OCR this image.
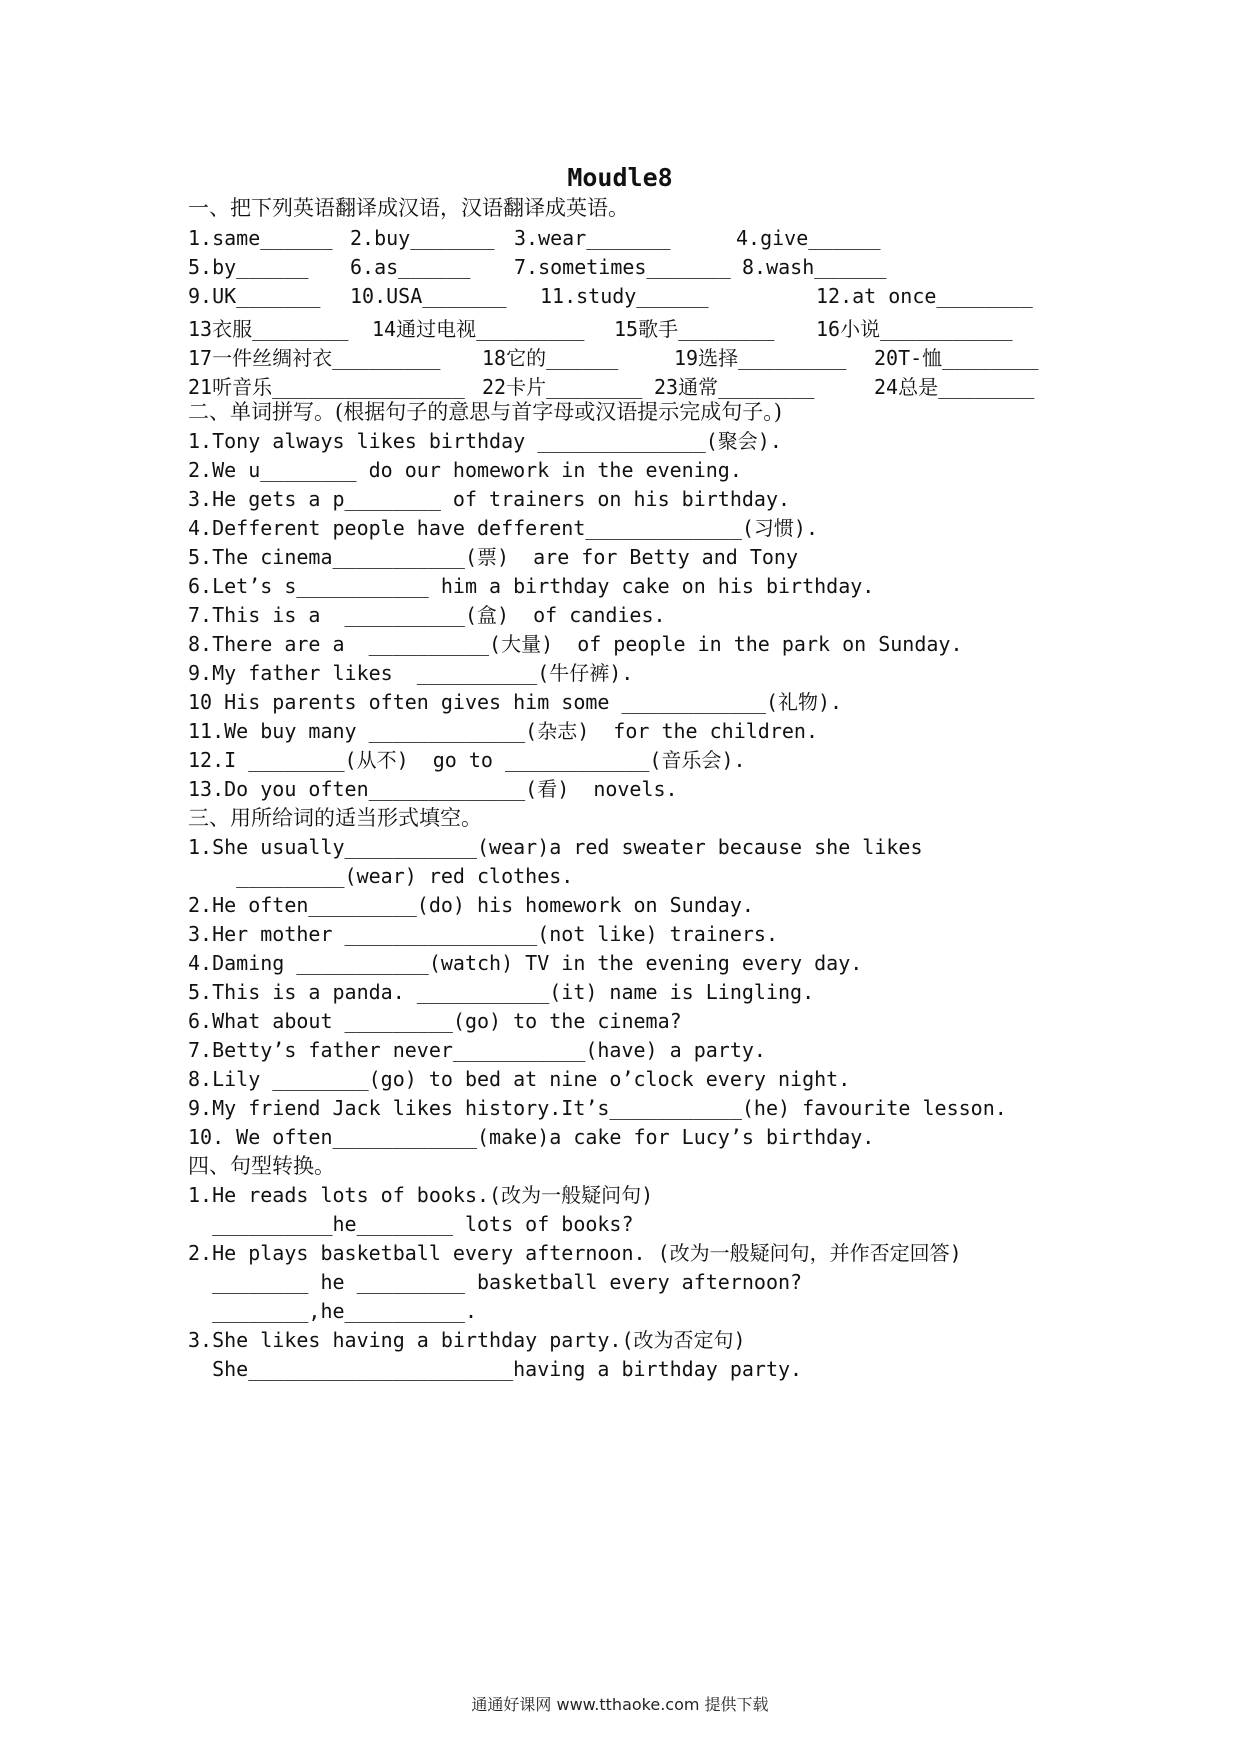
Moudle8
一、把下列英语翻译成汉语，汉语翻译成英语。
1.same______ 2.buy_______ 3.wear_______	4.give______
5.by______ 6.as______ 7.sometimes_______ 8.wash______
9.UK_______ 10.USA_______ 11.study______	12.at once________
13衣服________ 14通过电视_________ 15歌手________ 16小说___________
17一件丝绸衬衣_________ 18它的______	19选择_________ 20T-恤________
21听音乐________________ 22卡片________ 23通常________	24总是________
二、单词拼写。(根据句子的意思与首字母或汉语提示完成句子。)
1.Tony always likes birthday ______________(聚会).
2.We u________ do our homework in the evening.
3.He gets a p________ of trainers on his birthday.
4.Defferent people have defferent_____________(习惯).
5.The cinema___________(票)  are for Betty and Tony
6.Let’s s___________ him a birthday cake on his birthday.
7.This is a  __________(盒)  of candies.
8.There are a  __________(大量)  of people in the park on Sunday.
9.My father likes  __________(牛仔裤).
10 His parents often gives him some ____________(礼物).
11.We buy many _____________(杂志)  for the children.
12.I ________(从不)  go to ____________(音乐会).
13.Do you often_____________(看)  novels.
三、用所给词的适当形式填空。
1.She usually___________(wear)a red sweater because she likes
_________(wear) red clothes.
2.He often_________(do) his homework on Sunday.
3.Her mother ________________(not like) trainers.
4.Daming ___________(watch) TV in the evening every day.
5.This is a panda. ___________(it) name is Lingling.
6.What about _________(go) to the cinema?
7.Betty’s father never___________(have) a party.
8.Lily ________(go) to bed at nine o’clock every night.
9.My friend Jack likes history.It’s___________(he) favourite lesson.
10. We often____________(make)a cake for Lucy’s birthday.
四、句型转换。
1.He reads lots of books.(改为一般疑问句)
__________he________ lots of books?
2.He plays basketball every afternoon. (改为一般疑问句，并作否定回答)
________ he _________ basketball every afternoon?
________,he__________.
3.She likes having a birthday party.(改为否定句)
She______________________having a birthday party.
通通好课网 www.tthaoke.com 提供下载
